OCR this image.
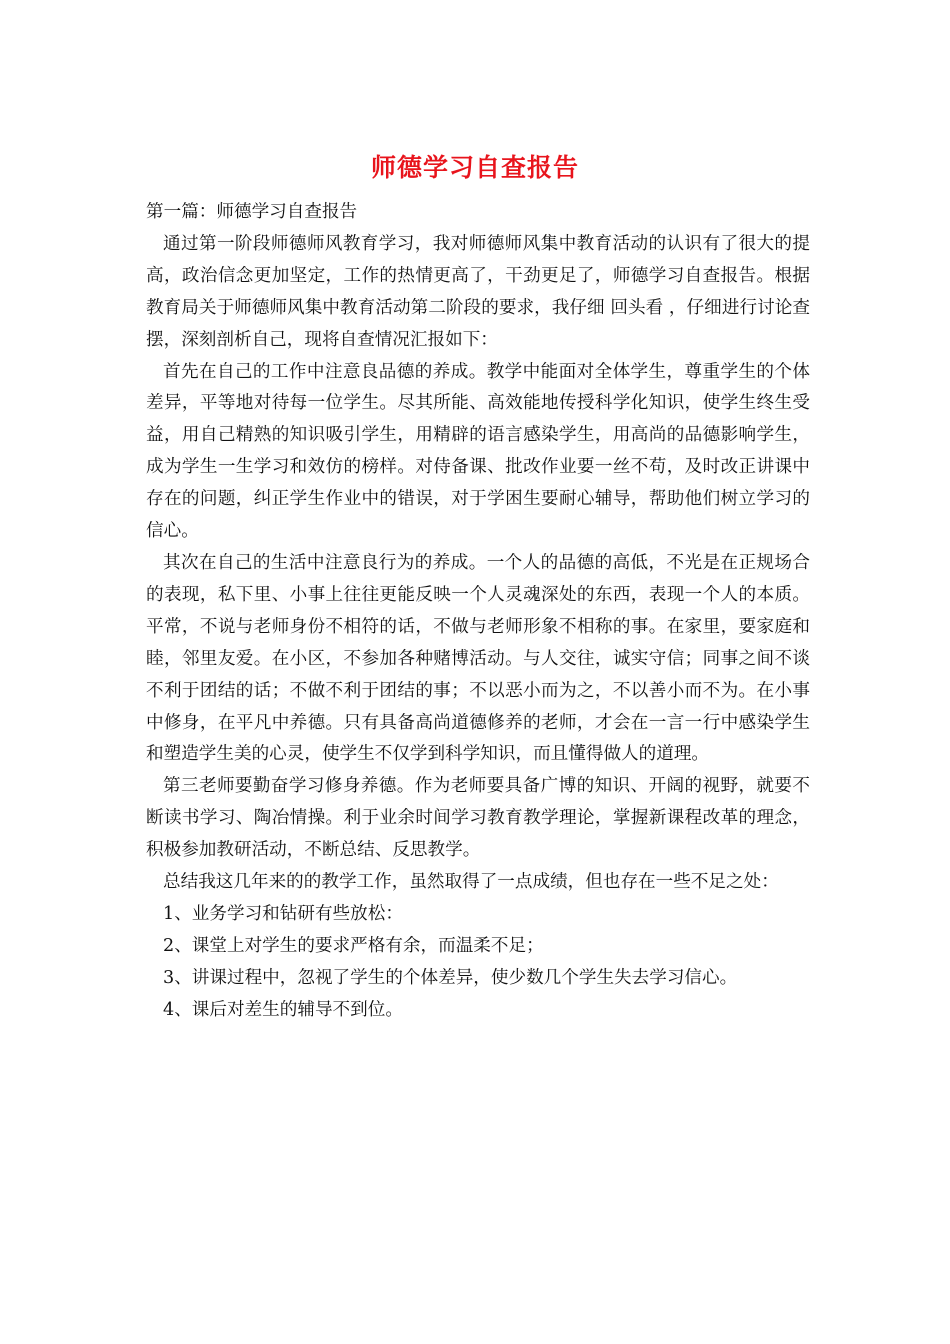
师德学习自查报告

第一篇：师德学习自查报告

通过第一阶段师德师风教育学习，我对师德师风集中教育活动的认识有了很大的提高，政治信念更加坚定，工作的热情更高了，干劲更足了，师德学习自查报告。根据教育局关于师德师风集中教育活动第二阶段的要求，我仔细 回头看 ，仔细进行讨论查摆，深刻剖析自己，现将自查情况汇报如下：

首先在自己的工作中注意良品德的养成。教学中能面对全体学生，尊重学生的个体差异，平等地对待每一位学生。尽其所能、高效能地传授科学化知识，使学生终生受益，用自己精熟的知识吸引学生，用精辟的语言感染学生，用高尚的品德影响学生，成为学生一生学习和效仿的榜样。对侍备课、批改作业要一丝不苟，及时改正讲课中存在的问题，纠正学生作业中的错误，对于学困生要耐心辅导，帮助他们树立学习的信心。

其次在自己的生活中注意良行为的养成。一个人的品德的高低，不光是在正规场合的表现，私下里、小事上往往更能反映一个人灵魂深处的东西，表现一个人的本质。平常，不说与老师身份不相符的话，不做与老师形象不相称的事。在家里，要家庭和睦，邻里友爱。在小区，不参加各种赌博活动。与人交往，诚实守信；同事之间不谈不利于团结的话；不做不利于团结的事；不以恶小而为之，不以善小而不为。在小事中修身，在平凡中养德。只有具备高尚道德修养的老师，才会在一言一行中感染学生和塑造学生美的心灵，使学生不仅学到科学知识，而且懂得做人的道理。

第三老师要勤奋学习修身养德。作为老师要具备广博的知识、开阔的视野，就要不断读书学习、陶冶情操。利于业余时间学习教育教学理论，掌握新课程改革的理念，积极参加教研活动，不断总结、反思教学。

总结我这几年来的的教学工作，虽然取得了一点成绩，但也存在一些不足之处：

1、业务学习和钻研有些放松：

2、课堂上对学生的要求严格有余，而温柔不足；

3、讲课过程中，忽视了学生的个体差异，使少数几个学生失去学习信心。

4、课后对差生的辅导不到位。
